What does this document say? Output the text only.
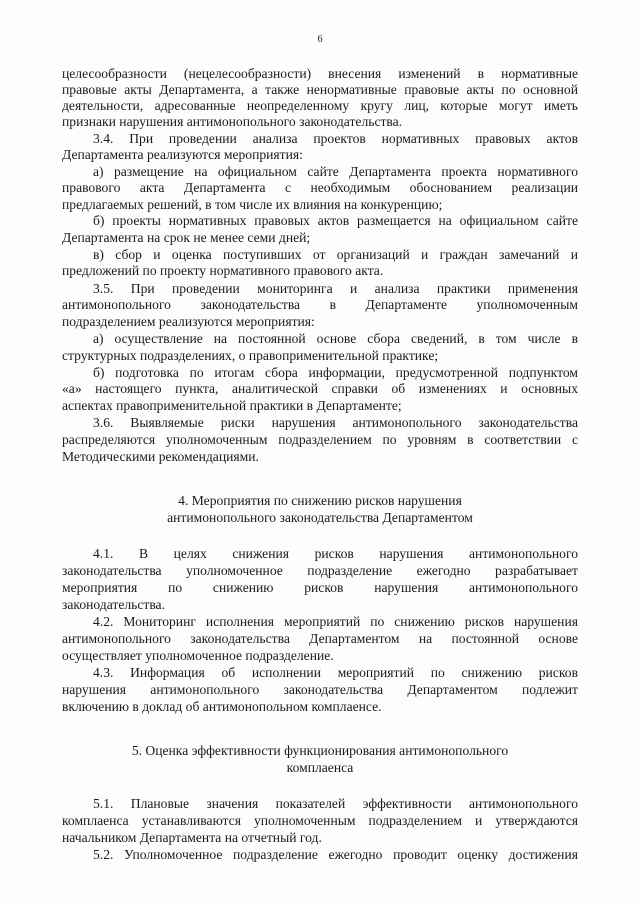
6
целесообразности (нецелесообразности) внесения изменений в нормативные
правовые акты Департамента, а также ненормативные правовые акты по основной
деятельности, адресованные неопределенному кругу лиц, которые могут иметь
признаки нарушения антимонопольного законодательства.
3.4. При проведении анализа проектов нормативных правовых актов
Департамента реализуются мероприятия:
а) размещение на официальном сайте Департамента проекта нормативного
правового акта Департамента с необходимым обоснованием реализации
предлагаемых решений, в том числе их влияния на конкуренцию;
б) проекты нормативных правовых актов размещается на официальном сайте
Департамента на срок не менее семи дней;
в) сбор и оценка поступивших от организаций и граждан замечаний и
предложений по проекту нормативного правового акта.
3.5. При проведении мониторинга и анализа практики применения
антимонопольного законодательства в Департаменте уполномоченным
подразделением реализуются мероприятия:
а) осуществление на постоянной основе сбора сведений, в том числе в
структурных подразделениях, о правоприменительной практике;
б) подготовка по итогам сбора информации, предусмотренной подпунктом
«а» настоящего пункта, аналитической справки об изменениях и основных
аспектах правоприменительной практики в Департаменте;
3.6. Выявляемые риски нарушения антимонопольного законодательства
распределяются уполномоченным подразделением по уровням в соответствии с
Методическими рекомендациями.
4. Мероприятия по снижению рисков нарушения
антимонопольного законодательства Департаментом
4.1. В целях снижения рисков нарушения антимонопольного
законодательства уполномоченное подразделение ежегодно разрабатывает
мероприятия по снижению рисков нарушения антимонопольного
законодательства.
4.2. Мониторинг исполнения мероприятий по снижению рисков нарушения
антимонопольного законодательства Департаментом на постоянной основе
осуществляет уполномоченное подразделение.
4.3. Информация об исполнении мероприятий по снижению рисков
нарушения антимонопольного законодательства Департаментом подлежит
включению в доклад об антимонопольном комплаенсе.
5. Оценка эффективности функционирования антимонопольного
комплаенса
5.1. Плановые значения показателей эффективности антимонопольного
комплаенса устанавливаются уполномоченным подразделением и утверждаются
начальником Департамента на отчетный год.
5.2. Уполномоченное подразделение ежегодно проводит оценку достижения
